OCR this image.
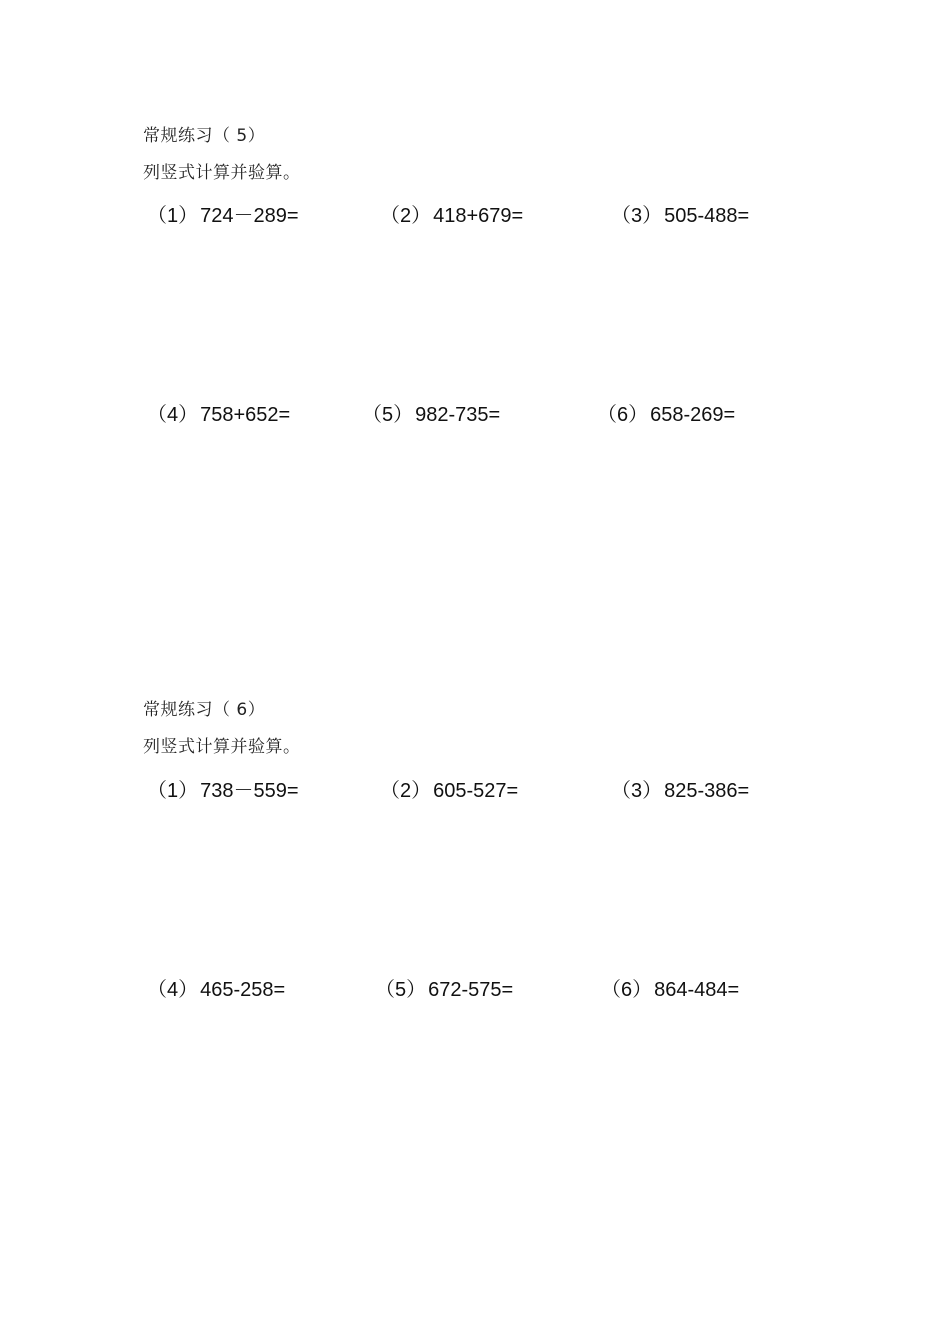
常规练习（ 5）
列竖式计算并验算。
（1） 724－289=	（2） 418+679=	（3） 505-488=
（4） 758+652=	（5） 982-735=	（6） 658-269=
常规练习（ 6）
列竖式计算并验算。
（1） 738－559=	（2） 605-527=	（3） 825-386=
（4） 465-258=	（5） 672-575=	（6） 864-484=
